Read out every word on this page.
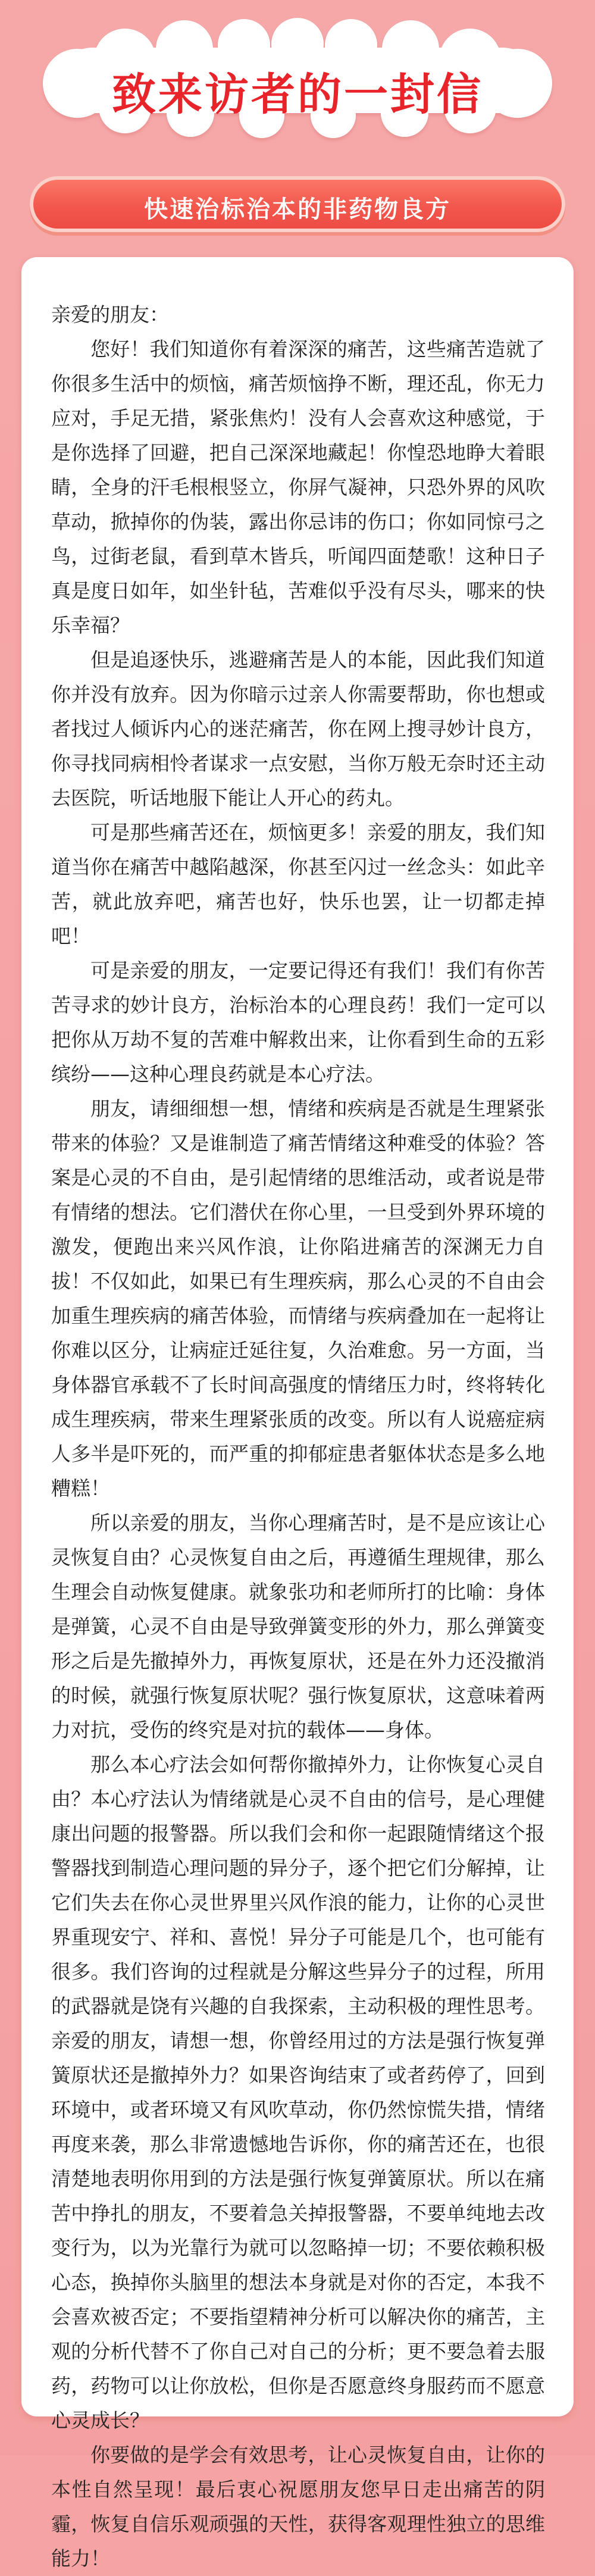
致来访者的一封信
快速治标治本的非药物良方

亲爱的朋友：

您好！我们知道你有着深深的痛苦，这些痛苦造就了你很多生活中的烦恼，痛苦烦恼挣不断，理还乱，你无力应对，手足无措，紧张焦灼！没有人会喜欢这种感觉，于是你选择了回避，把自己深深地藏起！你惶恐地睁大着眼睛，全身的汗毛根根竖立，你屏气凝神，只恐外界的风吹草动，掀掉你的伪装，露出你忌讳的伤口；你如同惊弓之鸟，过街老鼠，看到草木皆兵，听闻四面楚歌！这种日子真是度日如年，如坐针毡，苦难似乎没有尽头，哪来的快乐幸福？

但是追逐快乐，逃避痛苦是人的本能，因此我们知道你并没有放弃。因为你暗示过亲人你需要帮助，你也想或者找过人倾诉内心的迷茫痛苦，你在网上搜寻妙计良方，你寻找同病相怜者谋求一点安慰，当你万般无奈时还主动去医院，听话地服下能让人开心的药丸。

可是那些痛苦还在，烦恼更多！亲爱的朋友，我们知道当你在痛苦中越陷越深，你甚至闪过一丝念头：如此辛苦，就此放弃吧，痛苦也好，快乐也罢，让一切都走掉吧！

可是亲爱的朋友，一定要记得还有我们！我们有你苦苦寻求的妙计良方，治标治本的心理良药！我们一定可以把你从万劫不复的苦难中解救出来，让你看到生命的五彩缤纷——这种心理良药就是本心疗法。

朋友，请细细想一想，情绪和疾病是否就是生理紧张带来的体验？又是谁制造了痛苦情绪这种难受的体验？答案是心灵的不自由，是引起情绪的思维活动，或者说是带有情绪的想法。它们潜伏在你心里，一旦受到外界环境的激发，便跑出来兴风作浪，让你陷进痛苦的深渊无力自拔！不仅如此，如果已有生理疾病，那么心灵的不自由会加重生理疾病的痛苦体验，而情绪与疾病叠加在一起将让你难以区分，让病症迁延往复，久治难愈。另一方面，当身体器官承载不了长时间高强度的情绪压力时，终将转化成生理疾病，带来生理紧张质的改变。所以有人说癌症病人多半是吓死的，而严重的抑郁症患者躯体状态是多么地糟糕！

所以亲爱的朋友，当你心理痛苦时，是不是应该让心灵恢复自由？心灵恢复自由之后，再遵循生理规律，那么生理会自动恢复健康。就象张功和老师所打的比喻：身体是弹簧，心灵不自由是导致弹簧变形的外力，那么弹簧变形之后是先撤掉外力，再恢复原状，还是在外力还没撤消的时候，就强行恢复原状呢？强行恢复原状，这意味着两力对抗，受伤的终究是对抗的载体——身体。

那么本心疗法会如何帮你撤掉外力，让你恢复心灵自由？本心疗法认为情绪就是心灵不自由的信号，是心理健康出问题的报警器。所以我们会和你一起跟随情绪这个报警器找到制造心理问题的异分子，逐个把它们分解掉，让它们失去在你心灵世界里兴风作浪的能力，让你的心灵世界重现安宁、祥和、喜悦！异分子可能是几个，也可能有很多。我们咨询的过程就是分解这些异分子的过程，所用的武器就是饶有兴趣的自我探索，主动积极的理性思考。亲爱的朋友，请想一想，你曾经用过的方法是强行恢复弹簧原状还是撤掉外力？如果咨询结束了或者药停了，回到环境中，或者环境又有风吹草动，你仍然惊慌失措，情绪再度来袭，那么非常遗憾地告诉你，你的痛苦还在，也很清楚地表明你用到的方法是强行恢复弹簧原状。所以在痛苦中挣扎的朋友，不要着急关掉报警器，不要单纯地去改变行为，以为光靠行为就可以忽略掉一切；不要依赖积极心态，换掉你头脑里的想法本身就是对你的否定，本我不会喜欢被否定；不要指望精神分析可以解决你的痛苦，主观的分析代替不了你自己对自己的分析；更不要急着去服药，药物可以让你放松，但你是否愿意终身服药而不愿意心灵成长？

你要做的是学会有效思考，让心灵恢复自由，让你的本性自然呈现！最后衷心祝愿朋友您早日走出痛苦的阴霾，恢复自信乐观顽强的天性，获得客观理性独立的思维能力！
